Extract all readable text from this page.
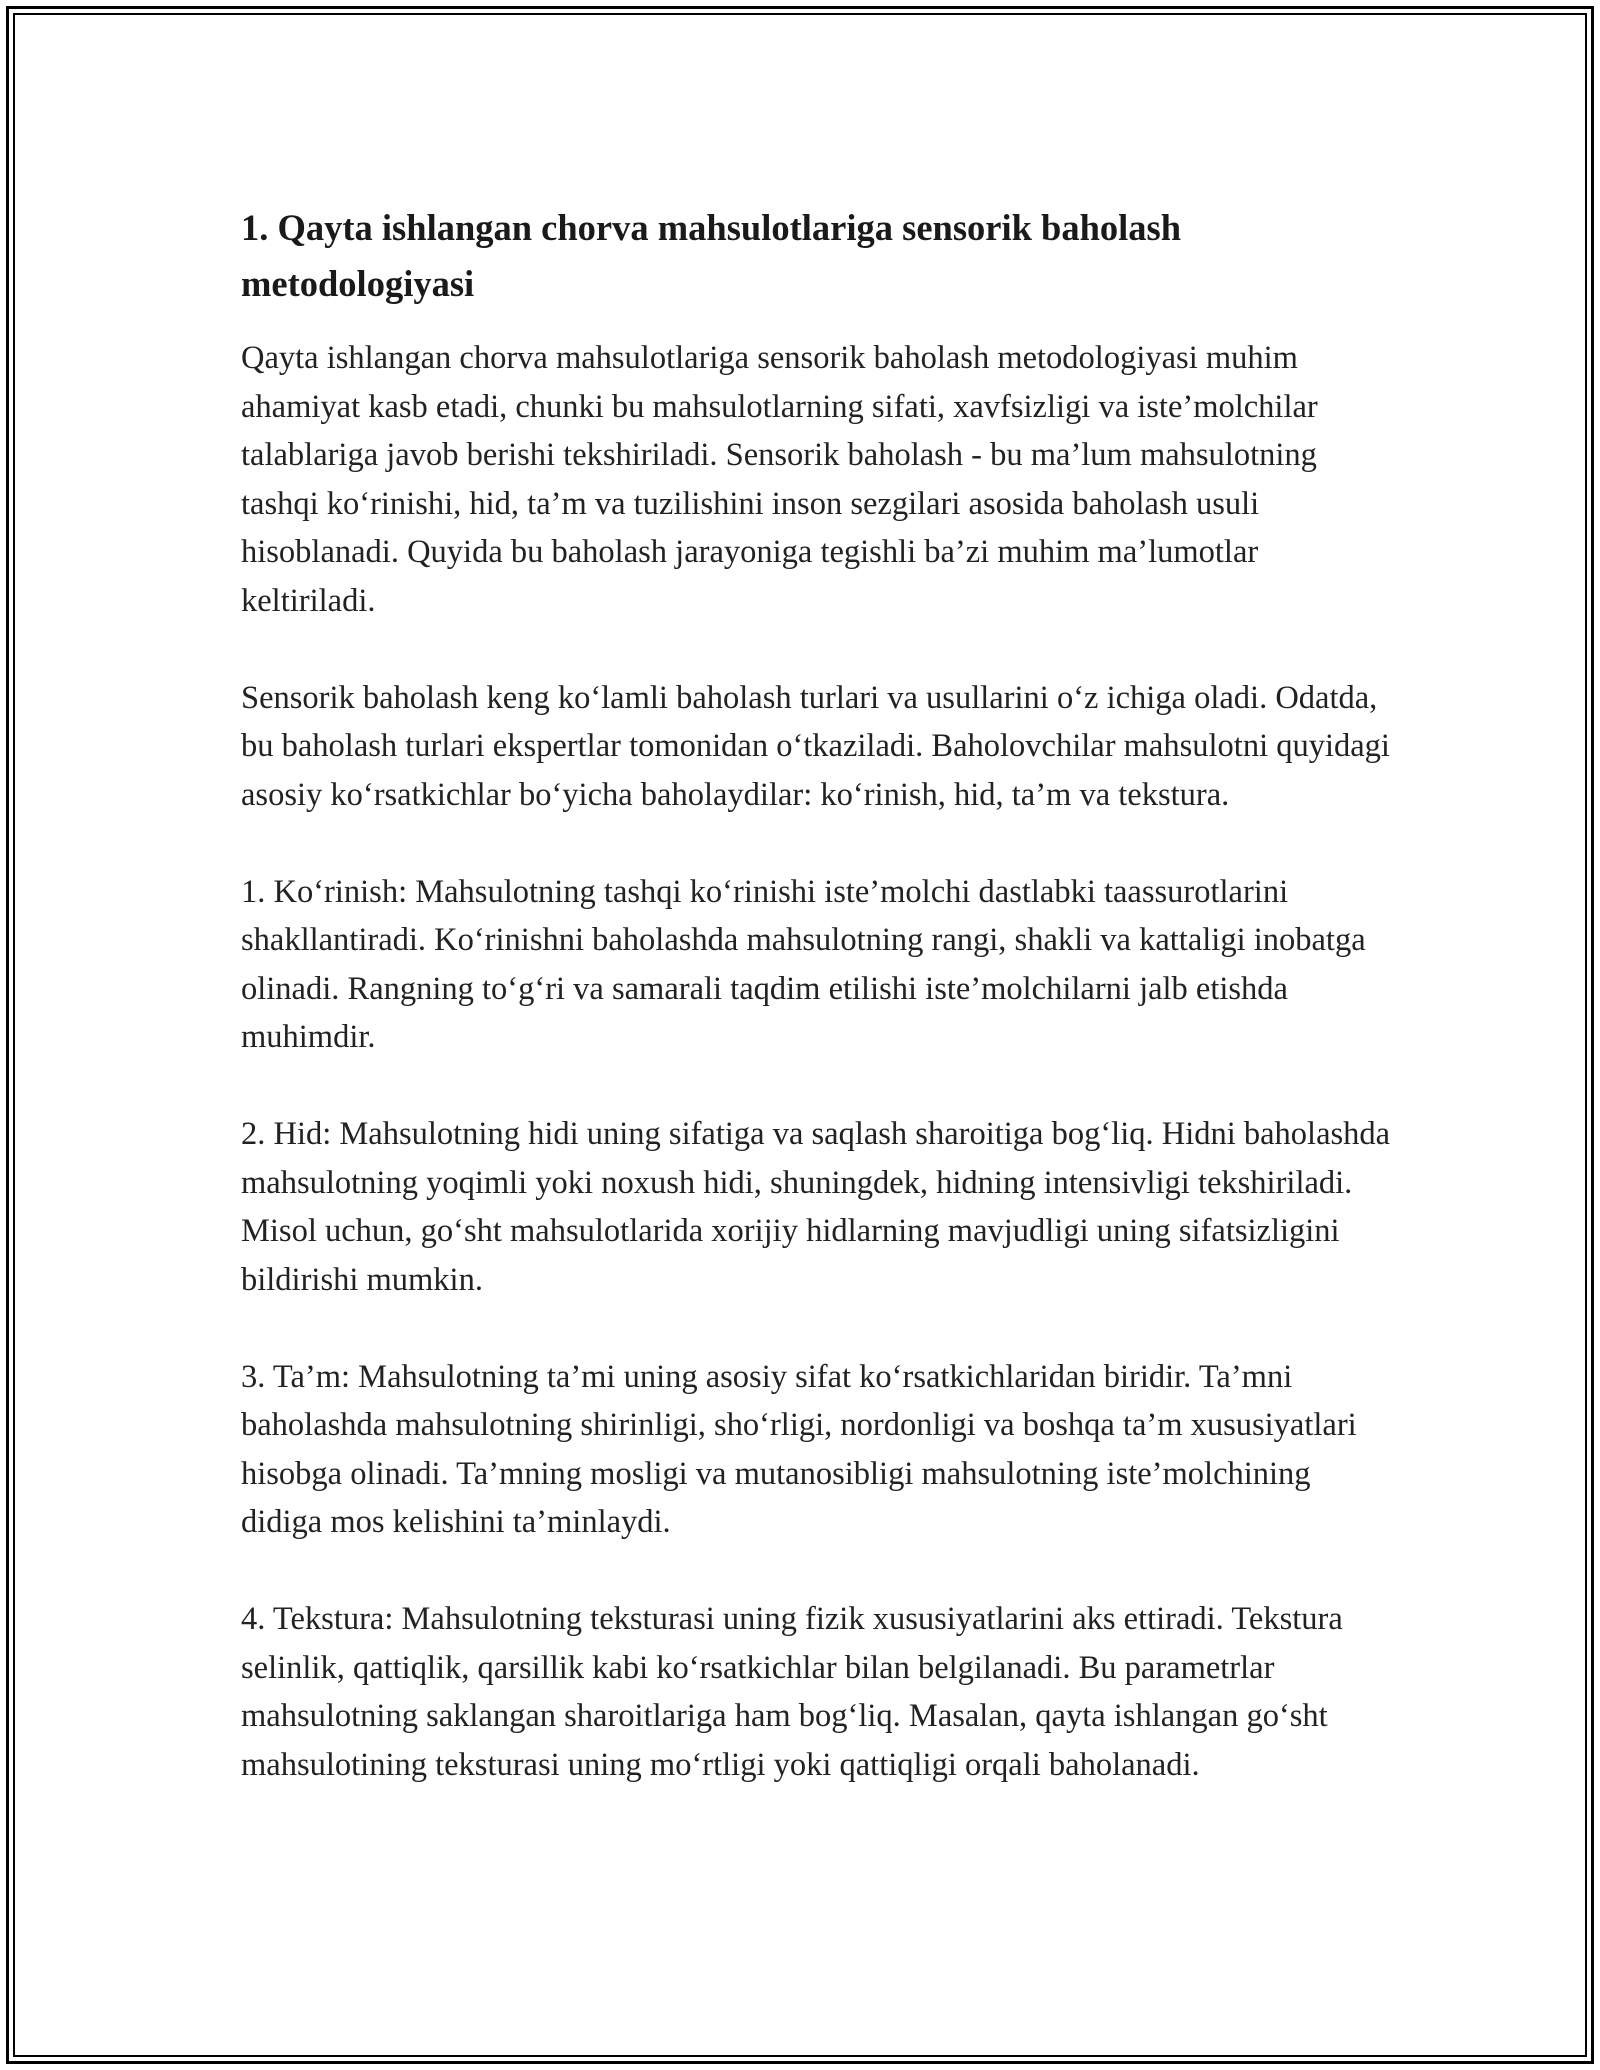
1. Qayta ishlangan chorva mahsulotlariga sensorik baholash metodologiyasi

Qayta ishlangan chorva mahsulotlariga sensorik baholash metodologiyasi muhim ahamiyat kasb etadi, chunki bu mahsulotlarning sifati, xavfsizligi va iste’molchilar talablariga javob berishi tekshiriladi. Sensorik baholash - bu ma’lum mahsulotning tashqi koʻrinishi, hid, ta’m va tuzilishini inson sezgilari asosida baholash usuli hisoblanadi. Quyida bu baholash jarayoniga tegishli ba’zi muhim ma’lumotlar keltiriladi.

Sensorik baholash keng koʻlamli baholash turlari va usullarini oʻz ichiga oladi. Odatda, bu baholash turlari ekspertlar tomonidan oʻtkaziladi. Baholovchilar mahsulotni quyidagi asosiy koʻrsatkichlar boʻyicha baholaydilar: koʻrinish, hid, ta’m va tekstura.

1. Koʻrinish: Mahsulotning tashqi koʻrinishi iste’molchi dastlabki taassurotlarini shakllantiradi. Koʻrinishni baholashda mahsulotning rangi, shakli va kattaligi inobatga olinadi. Rangning toʻgʻri va samarali taqdim etilishi iste’molchilarni jalb etishda muhimdir.

2. Hid: Mahsulotning hidi uning sifatiga va saqlash sharoitiga bogʻliq. Hidni baholashda mahsulotning yoqimli yoki noxush hidi, shuningdek, hidning intensivligi tekshiriladi. Misol uchun, goʻsht mahsulotlarida xorijiy hidlarning mavjudligi uning sifatsizligini bildirishi mumkin.

3. Ta’m: Mahsulotning ta’mi uning asosiy sifat koʻrsatkichlaridan biridir. Ta’mni baholashda mahsulotning shirinligi, shoʻrligi, nordonligi va boshqa ta’m xususiyatlari hisobga olinadi. Ta’mning mosligi va mutanosibligi mahsulotning iste’molchining didiga mos kelishini ta’minlaydi.

4. Tekstura: Mahsulotning teksturasi uning fizik xususiyatlarini aks ettiradi. Tekstura selinlik, qattiqlik, qarsillik kabi koʻrsatkichlar bilan belgilanadi. Bu parametrlar mahsulotning saklangan sharoitlariga ham bogʻliq. Masalan, qayta ishlangan goʻsht mahsulotining teksturasi uning moʻrtligi yoki qattiqligi orqali baholanadi.
